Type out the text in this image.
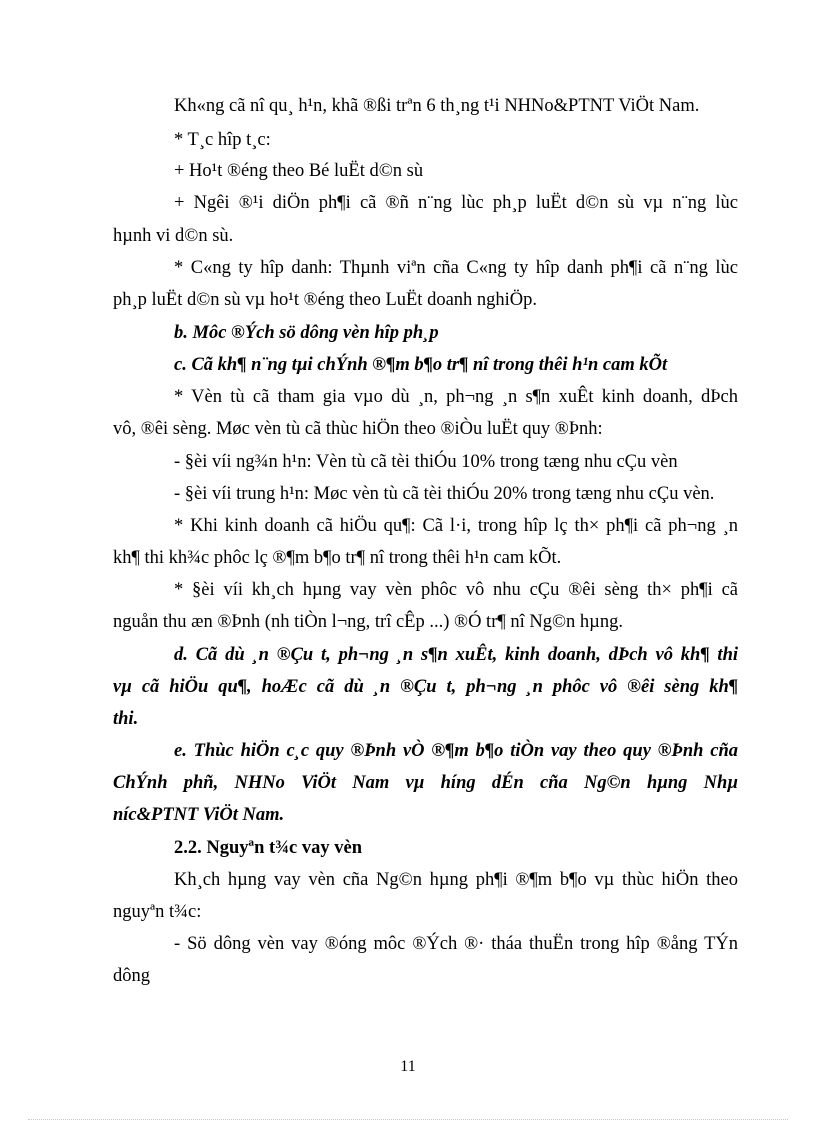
Kh«ng cã nî qu¸ h¹n, khã ®ßi trªn 6 th¸ng t¹i NHNo&PTNT ViÖt Nam.
* T¸c hîp t¸c:
+ Ho¹t ®éng theo Bé luËt d©n sù
+ Ngêi ®¹i diÖn ph¶i cã ®ñ n¨ng lùc ph¸p luËt d©n sù vµ n¨ng lùc
hµnh vi d©n sù.
* C«ng ty hîp danh: Thµnh viªn cña C«ng ty hîp danh ph¶i cã n¨ng lùc
ph¸p luËt d©n sù vµ ho¹t ®éng theo LuËt doanh nghiÖp.
b. Môc ®Ých sö dông vèn hîp ph¸p
c. Cã kh¶ n¨ng tµi chÝnh ®¶m b¶o tr¶ nî trong thêi h¹n cam kÕt
* Vèn tù cã tham gia vµo dù ¸n, ph¬ng ¸n s¶n xuÊt kinh doanh, dÞch
vô, ®êi sèng. Møc vèn tù cã thùc hiÖn theo ®iÒu luËt quy ®Þnh:
- §èi víi ng¾n h¹n: Vèn tù cã tèi thiÓu 10% trong tæng nhu cÇu vèn
- §èi víi trung h¹n: Møc vèn tù cã tèi thiÓu 20% trong tæng nhu cÇu vèn.
* Khi kinh doanh cã hiÖu qu¶: Cã l·i, trong hîp lç th× ph¶i cã ph¬ng ¸n
kh¶ thi kh¾c phôc lç ®¶m b¶o tr¶ nî trong thêi h¹n cam kÕt.
* §èi víi kh¸ch hµng vay vèn phôc vô nhu cÇu ®êi sèng th× ph¶i cã
nguån thu æn ®Þnh (nh tiÒn l¬ng, trî cÊp ...) ®Ó tr¶ nî Ng©n hµng.
d. Cã dù ¸n ®Çu t, ph¬ng ¸n s¶n xuÊt, kinh doanh, dÞch vô kh¶ thi
vµ cã hiÖu qu¶, hoÆc cã dù ¸n ®Çu t, ph¬ng ¸n phôc vô ®êi sèng kh¶
thi.
e. Thùc hiÖn c¸c quy ®Þnh vÒ ®¶m b¶o tiÒn vay theo quy ®Þnh cña
ChÝnh phñ, NHNo ViÖt Nam vµ híng dÉn cña Ng©n hµng Nhµ
níc&PTNT ViÖt Nam.
2.2. Nguyªn t¾c vay vèn
Kh¸ch hµng vay vèn cña Ng©n hµng ph¶i ®¶m b¶o vµ thùc hiÖn theo
nguyªn t¾c:
- Sö dông vèn vay ®óng môc ®Ých ®· tháa thuËn trong hîp ®ång TÝn
dông
11
